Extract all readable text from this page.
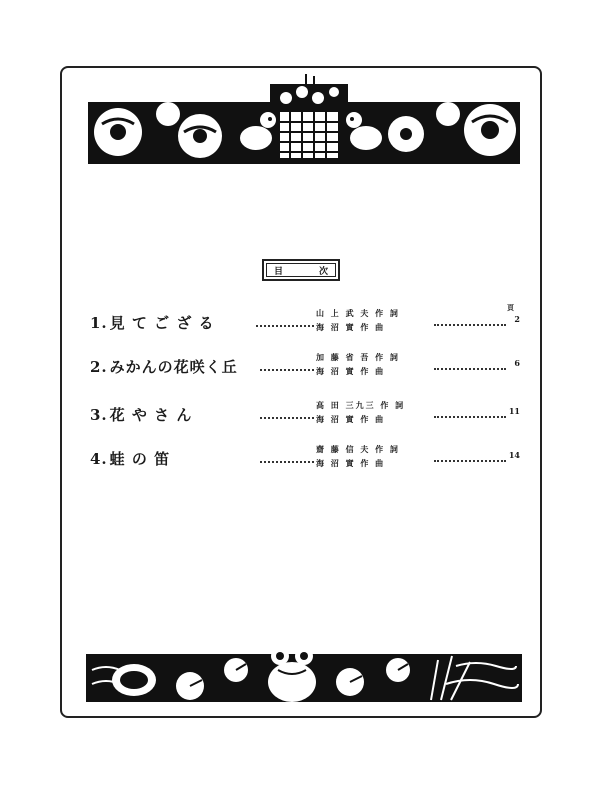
目	次
頁
1. 見 て ご ざ る
山 上 武 夫 作 詞
海 沼 實 作 曲
2
2. みかんの花咲く丘
加 藤 省 吾 作 詞
海 沼 實 作 曲
6
3. 花 や さ ん
高 田 三九三 作 詞
海 沼 實 作 曲
11
4. 蛙 の 笛
齋 藤 信 夫 作 詞
海 沼 實 作 曲
14
